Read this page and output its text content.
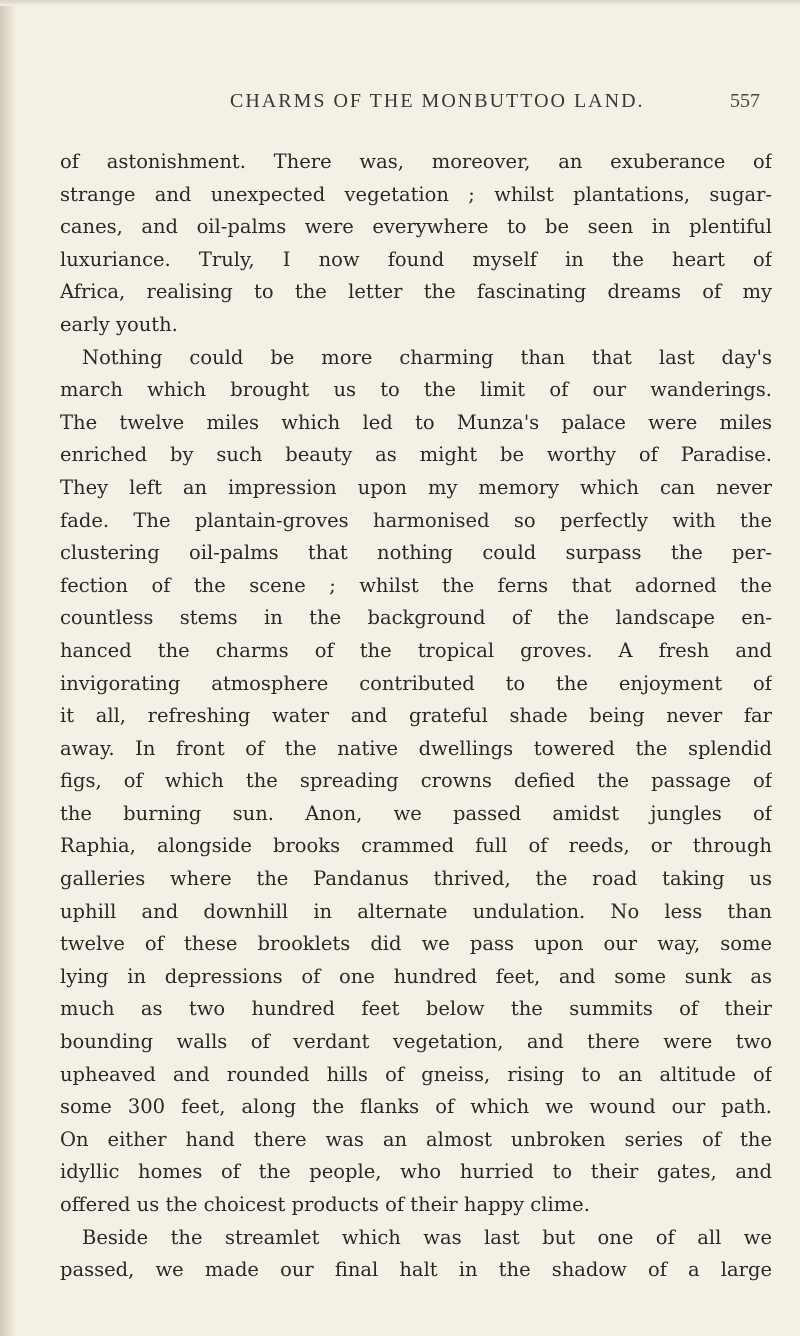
CHARMS OF THE MONBUTTOO LAND.	557
of astonishment. There was, moreover, an exuberance of
strange and unexpected vegetation ; whilst plantations, sugar-
canes, and oil-palms were everywhere to be seen in plentiful
luxuriance. Truly, I now found myself in the heart of
Africa, realising to the letter the fascinating dreams of my
early youth.
Nothing could be more charming than that last day's
march which brought us to the limit of our wanderings.
The twelve miles which led to Munza's palace were miles
enriched by such beauty as might be worthy of Paradise.
They left an impression upon my memory which can never
fade. The plantain-groves harmonised so perfectly with the
clustering oil-palms that nothing could surpass the per-
fection of the scene ; whilst the ferns that adorned the
countless stems in the background of the landscape en-
hanced the charms of the tropical groves. A fresh and
invigorating atmosphere contributed to the enjoyment of
it all, refreshing water and grateful shade being never far
away. In front of the native dwellings towered the splendid
figs, of which the spreading crowns defied the passage of
the burning sun. Anon, we passed amidst jungles of
Raphia, alongside brooks crammed full of reeds, or through
galleries where the Pandanus thrived, the road taking us
uphill and downhill in alternate undulation. No less than
twelve of these brooklets did we pass upon our way, some
lying in depressions of one hundred feet, and some sunk as
much as two hundred feet below the summits of their
bounding walls of verdant vegetation, and there were two
upheaved and rounded hills of gneiss, rising to an altitude of
some 300 feet, along the flanks of which we wound our path.
On either hand there was an almost unbroken series of the
idyllic homes of the people, who hurried to their gates, and
offered us the choicest products of their happy clime.
Beside the streamlet which was last but one of all we
passed, we made our final halt in the shadow of a large
